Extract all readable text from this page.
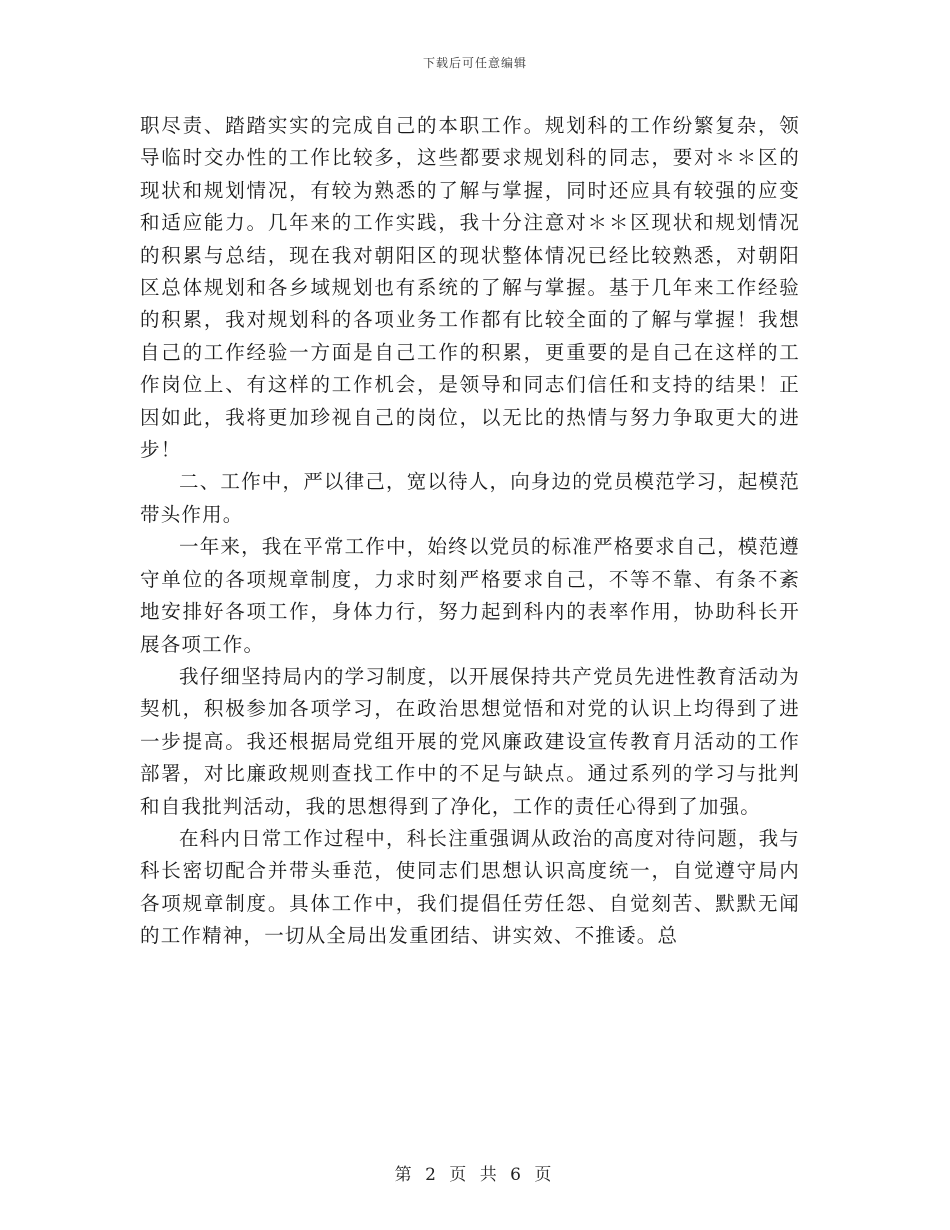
下载后可任意编辑

职尽责、踏踏实实的完成自己的本职工作。规划科的工作纷繁复杂，领导临时交办性的工作比较多，这些都要求规划科的同志，要对＊＊区的现状和规划情况，有较为熟悉的了解与掌握，同时还应具有较强的应变和适应能力。几年来的工作实践，我十分注意对＊＊区现状和规划情况的积累与总结，现在我对朝阳区的现状整体情况已经比较熟悉，对朝阳区总体规划和各乡域规划也有系统的了解与掌握。基于几年来工作经验的积累，我对规划科的各项业务工作都有比较全面的了解与掌握！我想自己的工作经验一方面是自己工作的积累，更重要的是自己在这样的工作岗位上、有这样的工作机会，是领导和同志们信任和支持的结果！正因如此，我将更加珍视自己的岗位，以无比的热情与努力争取更大的进步！

二、工作中，严以律己，宽以待人，向身边的党员模范学习，起模范带头作用。

一年来，我在平常工作中，始终以党员的标准严格要求自己，模范遵守单位的各项规章制度，力求时刻严格要求自己，不等不靠、有条不紊地安排好各项工作，身体力行，努力起到科内的表率作用，协助科长开展各项工作。

我仔细坚持局内的学习制度，以开展保持共产党员先进性教育活动为契机，积极参加各项学习，在政治思想觉悟和对党的认识上均得到了进一步提高。我还根据局党组开展的党风廉政建设宣传教育月活动的工作部署，对比廉政规则查找工作中的不足与缺点。通过系列的学习与批判和自我批判活动，我的思想得到了净化，工作的责任心得到了加强。

在科内日常工作过程中，科长注重强调从政治的高度对待问题，我与科长密切配合并带头垂范，使同志们思想认识高度统一，自觉遵守局内各项规章制度。具体工作中，我们提倡任劳任怨、自觉刻苦、默默无闻的工作精神，一切从全局出发重团结、讲实效、不推诿。总

第 2 页 共 6 页
